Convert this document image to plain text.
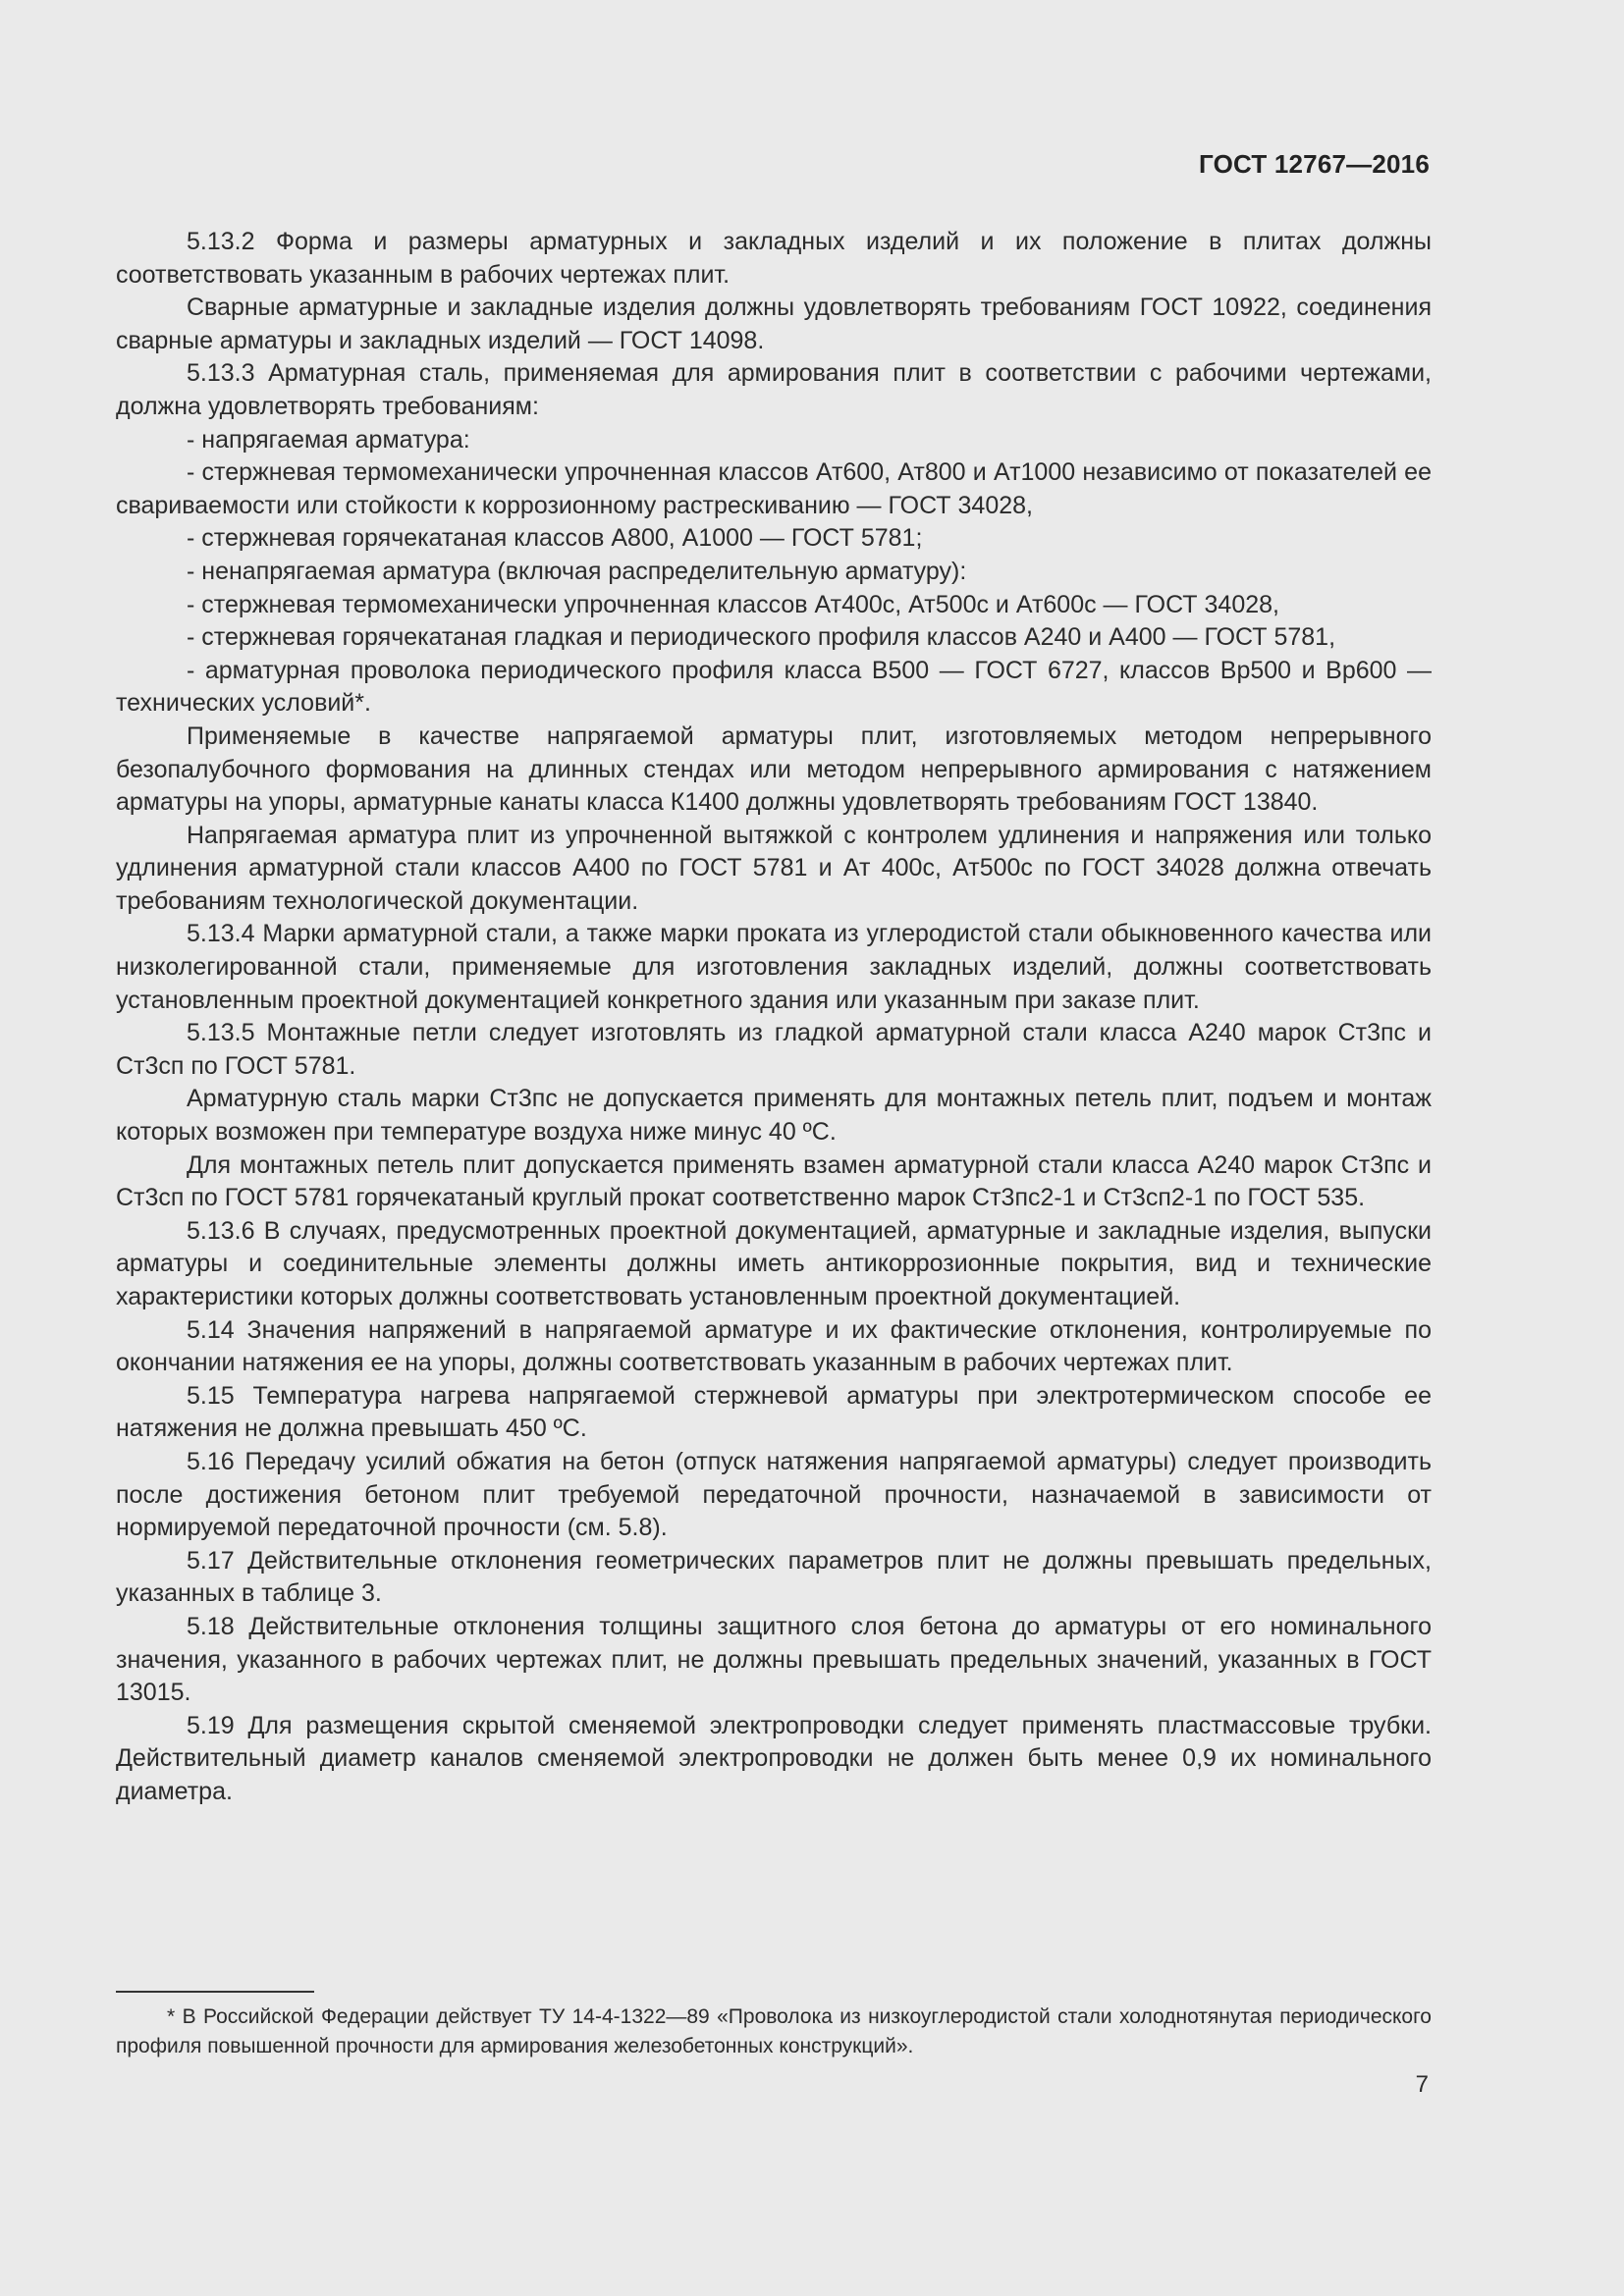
ГОСТ 12767—2016

5.13.2 Форма и размеры арматурных и закладных изделий и их положение в плитах должны соответствовать указанным в рабочих чертежах плит.

Сварные арматурные и закладные изделия должны удовлетворять требованиям ГОСТ 10922, соединения сварные арматуры и закладных изделий — ГОСТ 14098.

5.13.3 Арматурная сталь, применяемая для армирования плит в соответствии с рабочими чертежами, должна удовлетворять требованиям:

- напрягаемая арматура:

- стержневая термомеханически упрочненная классов Ат600, Ат800 и Ат1000 независимо от показателей ее свариваемости или стойкости к коррозионному растрескиванию — ГОСТ 34028,

- стержневая горячекатаная классов А800, А1000 — ГОСТ 5781;

- ненапрягаемая арматура (включая распределительную арматуру):

- стержневая термомеханически упрочненная классов Ат400с, Ат500с и Ат600с — ГОСТ 34028,

- стержневая горячекатаная гладкая и периодического профиля классов А240 и А400 — ГОСТ 5781,

- арматурная проволока периодического профиля класса В500 — ГОСТ 6727, классов Вр500 и Вр600 — технических условий*.

Применяемые в качестве напрягаемой арматуры плит, изготовляемых методом непрерывного безопалубочного формования на длинных стендах или методом непрерывного армирования с натяжением арматуры на упоры, арматурные канаты класса К1400 должны удовлетворять требованиям ГОСТ 13840.

Напрягаемая арматура плит из упрочненной вытяжкой с контролем удлинения и напряжения или только удлинения арматурной стали классов А400 по ГОСТ 5781 и Ат 400с, Ат500с по ГОСТ 34028 должна отвечать требованиям технологической документации.

5.13.4 Марки арматурной стали, а также марки проката из углеродистой стали обыкновенного качества или низколегированной стали, применяемые для изготовления закладных изделий, должны соответствовать установленным проектной документацией конкретного здания или указанным при заказе плит.

5.13.5 Монтажные петли следует изготовлять из гладкой арматурной стали класса А240 марок Ст3пс и Ст3сп по ГОСТ 5781.

Арматурную сталь марки Ст3пс не допускается применять для монтажных петель плит, подъем и монтаж которых возможен при температуре воздуха ниже минус 40 ºС.

Для монтажных петель плит допускается применять взамен арматурной стали класса А240 марок Ст3пс и Ст3сп по ГОСТ 5781 горячекатаный круглый прокат соответственно марок Ст3пс2-1 и Ст3сп2-1 по ГОСТ 535.

5.13.6 В случаях, предусмотренных проектной документацией, арматурные и закладные изделия, выпуски арматуры и соединительные элементы должны иметь антикоррозионные покрытия, вид и технические характеристики которых должны соответствовать установленным проектной документацией.

5.14 Значения напряжений в напрягаемой арматуре и их фактические отклонения, контролируемые по окончании натяжения ее на упоры, должны соответствовать указанным в рабочих чертежах плит.

5.15 Температура нагрева напрягаемой стержневой арматуры при электротермическом способе ее натяжения не должна превышать 450 ºС.

5.16 Передачу усилий обжатия на бетон (отпуск натяжения напрягаемой арматуры) следует производить после достижения бетоном плит требуемой передаточной прочности, назначаемой в зависимости от нормируемой передаточной прочности (см. 5.8).

5.17 Действительные отклонения геометрических параметров плит не должны превышать предельных, указанных в таблице 3.

5.18 Действительные отклонения толщины защитного слоя бетона до арматуры от его номинального значения, указанного в рабочих чертежах плит, не должны превышать предельных значений, указанных в ГОСТ 13015.

5.19 Для размещения скрытой сменяемой электропроводки следует применять пластмассовые трубки. Действительный диаметр каналов сменяемой электропроводки не должен быть менее 0,9 их номинального диаметра.

* В Российской Федерации действует ТУ 14-4-1322—89 «Проволока из низкоуглеродистой стали холоднотянутая периодического профиля повышенной прочности для армирования железобетонных конструкций».

7
